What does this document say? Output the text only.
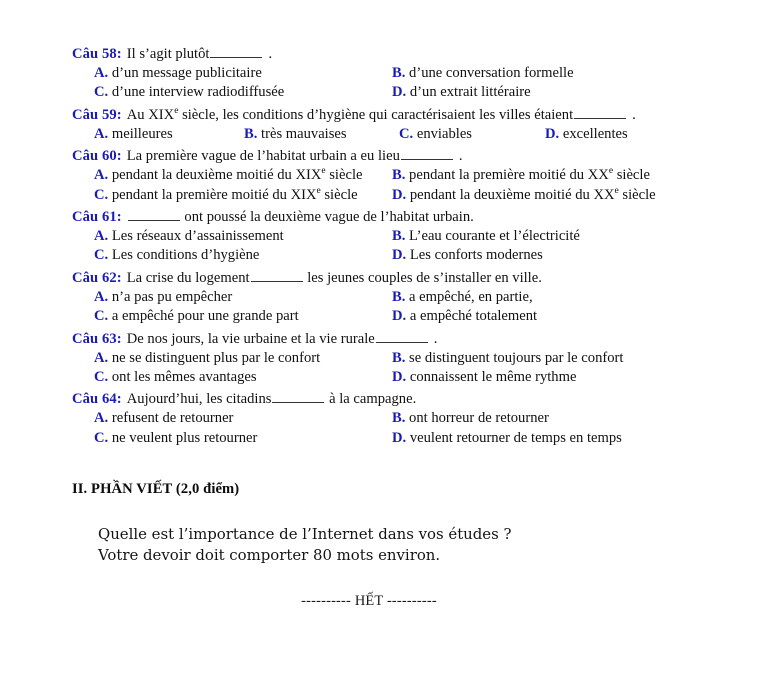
Câu 58: Il s’agit plutôt	.
A. d’un message publicitaire	B. d’une conversation formelle
C. d’une interview radiodiffusée	D. d’un extrait littéraire
Câu 59: Au XIXe siècle, les conditions d’hygiène qui caractérisaient les villes étaient	.
A. meilleures	B. très mauvaises	C. enviables	D. excellentes
Câu 60: La première vague de l’habitat urbain a eu lieu	.
A. pendant la deuxième moitié du XIXe siècle B. pendant la première moitié du XXe siècle
C. pendant la première moitié du XIXe siècle D. pendant la deuxième moitié du XXe siècle
Câu 61:	ont poussé la deuxième vague de l’habitat urbain.
A. Les réseaux d’assainissement	B. L’eau courante et l’électricité
C. Les conditions d’hygiène	D. Les conforts modernes
Câu 62: La crise du logement	les jeunes couples de s’installer en ville.
A. n’a pas pu empêcher	B. a empêché, en partie,
C. a empêché pour une grande part	D. a empêché totalement
Câu 63: De nos jours, la vie urbaine et la vie rurale	.
A. ne se distinguent plus par le confort	B. se distinguent toujours par le confort
C. ont les mêmes avantages	D. connaissent le même rythme
Câu 64: Aujourd’hui, les citadins	à la campagne.
A. refusent de retourner	B. ont horreur de retourner
C. ne veulent plus retourner	D. veulent retourner de temps en temps
II. PHẦN VIẾT (2,0 điểm)
Quelle est l’importance de l’Internet dans vos études ?
Votre devoir doit comporter 80 mots environ.
---------- HẾT ----------
